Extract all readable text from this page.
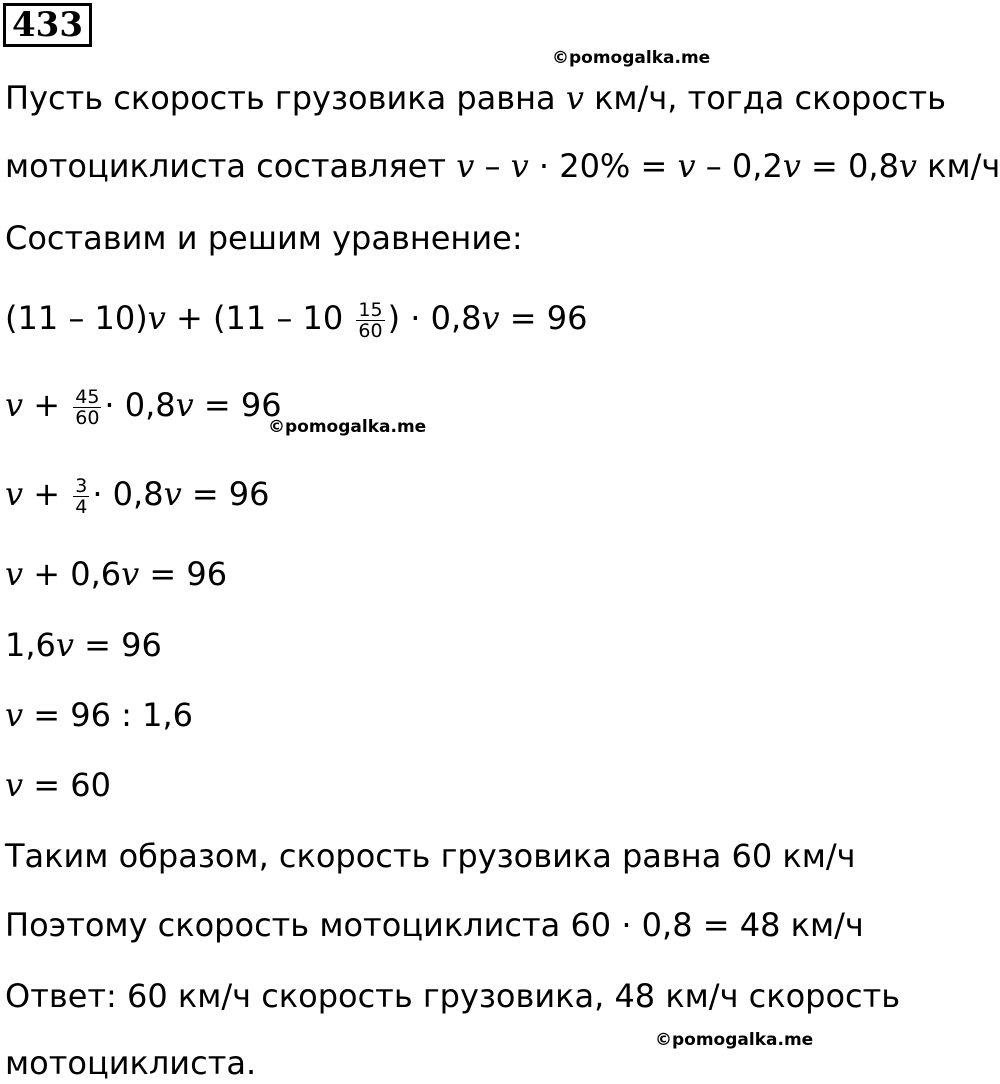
433
©pomogalka.me
©pomogalka.me
©pomogalka.me
Пусть скорость грузовика равна v км/ч, тогда скорость
мотоциклиста составляет v – v · 20% = v – 0,2v = 0,8v км/ч
Составим и решим уравнение:
$(11 - 10)v + (11 - 10 \frac{15}{60}$ ) · 0,8v = 96
$v + \frac{45}{60} \cdot 0,8v = 96$
$v + \frac{3}{4} \cdot 0,8v = 96$
v + 0,6v = 96
1,6v = 96
v = 96 : 1,6
v = 60
Таким образом, скорость грузовика равна 60 км/ч
Поэтому скорость мотоциклиста 60 · 0,8 = 48 км/ч
Ответ: 60 км/ч скорость грузовика, 48 км/ч скорость
мотоциклиста.
